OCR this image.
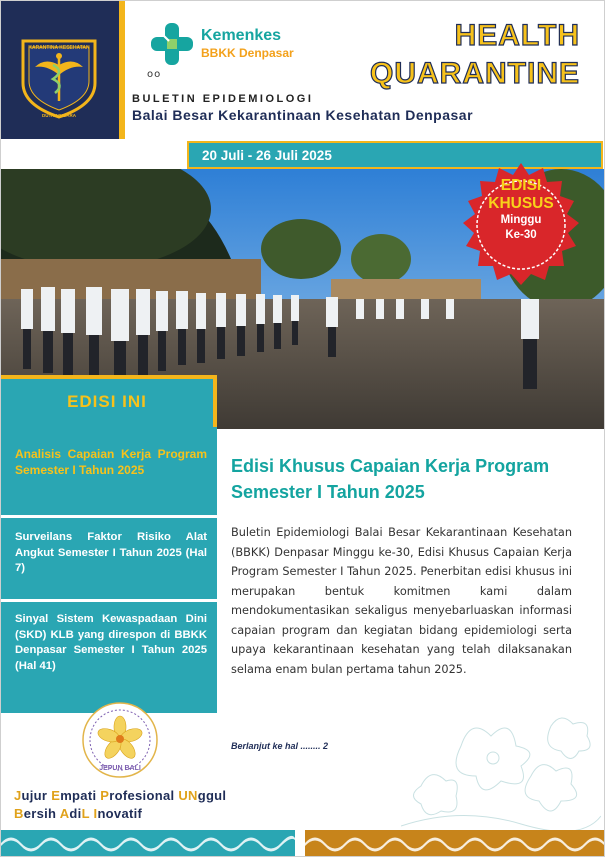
KARANTINA KESEHATAN
DUTA ADIGARA
Kemenkes
BBKK Denpasar
oo
HEALTH
QUARANTINE
BULETIN EPIDEMIOLOGI
Balai Besar Kekarantinaan Kesehatan Denpasar
20 Juli - 26 Juli 2025
EDISI
KHUSUS
Minggu
Ke-30
EDISI INI
Analisis Capaian Kerja Program Semester I Tahun 2025
Surveilans Faktor Risiko Alat Angkut Semester I Tahun 2025 (Hal 7)
Sinyal Sistem Kewaspadaan Dini (SKD) KLB yang direspon di BBKK Denpasar Semester I Tahun 2025 (Hal 41)
JEPUN BALI
Jujur Empati Profesional UNggul
Bersih AdiL Inovatif
Edisi Khusus Capaian Kerja Program Semester I Tahun 2025
Buletin Epidemiologi Balai Besar Kekarantinaan Kesehatan (BBKK) Denpasar Minggu ke-30, Edisi Khusus Capaian Kerja Program Semester I Tahun 2025. Penerbitan edisi khusus ini merupakan bentuk komitmen kami dalam mendokumentasikan sekaligus menyebarluaskan informasi capaian program dan kegiatan bidang epidemiologi serta upaya kekarantinaan kesehatan yang telah dilaksanakan selama enam bulan pertama tahun 2025.
Berlanjut ke hal ........ 2
